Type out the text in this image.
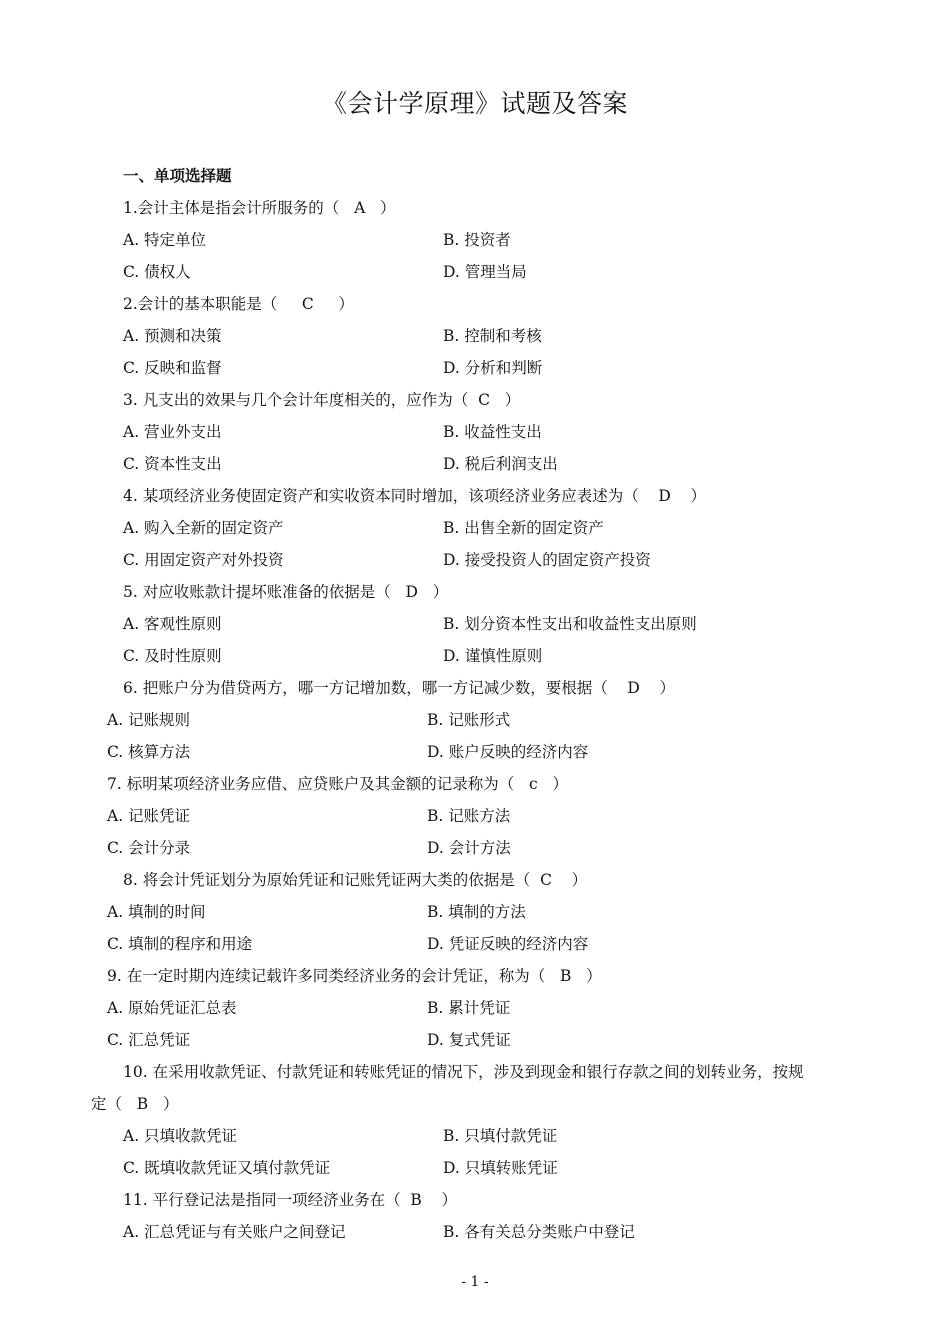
《会计学原理》试题及答案
一、单项选择题
1.会计主体是指会计所服务的（   A   ）
A. 特定单位	B. 投资者
C. 债权人	D. 管理当局
2.会计的基本职能是（     C     ）
A. 预测和决策	B. 控制和考核
C. 反映和监督	D. 分析和判断
3. 凡支出的效果与几个会计年度相关的，应作为（  C   ）
A. 营业外支出	B. 收益性支出
C. 资本性支出	D. 税后利润支出
4. 某项经济业务使固定资产和实收资本同时增加，该项经济业务应表述为（    D    ）
A. 购入全新的固定资产	B. 出售全新的固定资产
C. 用固定资产对外投资	D. 接受投资人的固定资产投资
5. 对应收账款计提坏账准备的依据是（   D   ）
A. 客观性原则	B. 划分资本性支出和收益性支出原则
C. 及时性原则	D. 谨慎性原则
6. 把账户分为借贷两方，哪一方记增加数，哪一方记减少数，要根据（    D    ）
A. 记账规则	B. 记账形式
C. 核算方法	D. 账户反映的经济内容
7. 标明某项经济业务应借、应贷账户及其金额的记录称为（   c   ）
A. 记账凭证	B. 记账方法
C. 会计分录	D. 会计方法
8. 将会计凭证划分为原始凭证和记账凭证两大类的依据是（  C    ）
A. 填制的时间	B. 填制的方法
C. 填制的程序和用途	D. 凭证反映的经济内容
9. 在一定时期内连续记载许多同类经济业务的会计凭证，称为（   B   ）
A. 原始凭证汇总表	B. 累计凭证
C. 汇总凭证	D. 复式凭证
10. 在采用收款凭证、付款凭证和转账凭证的情况下，涉及到现金和银行存款之间的划转业务，按规
定（   B   ）
A. 只填收款凭证	B. 只填付款凭证
C. 既填收款凭证又填付款凭证	D. 只填转账凭证
11. 平行登记法是指同一项经济业务在（  B    ）
A. 汇总凭证与有关账户之间登记	B. 各有关总分类账户中登记
- 1 -
